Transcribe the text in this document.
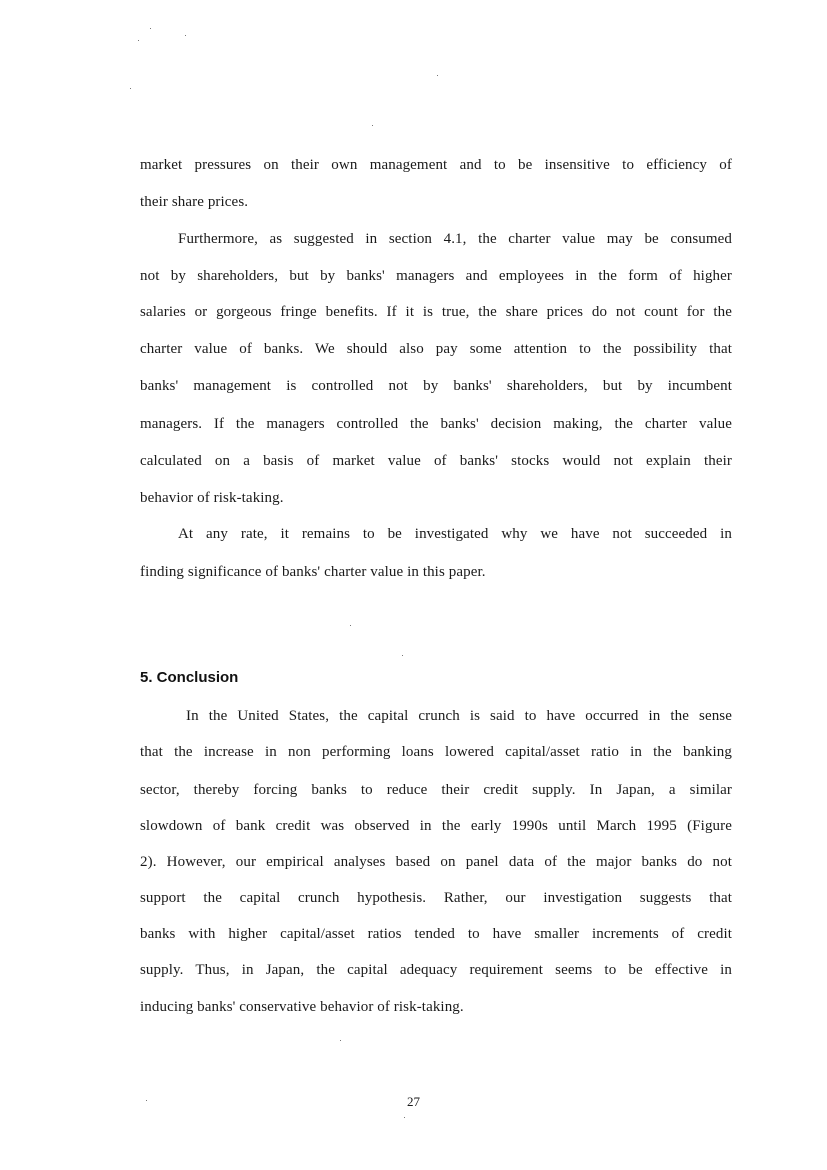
market pressures on their own management and to be insensitive to efficiency of
their share prices.
Furthermore, as suggested in section 4.1, the charter value may be consumed
not by shareholders, but by banks' managers and employees in the form of higher
salaries or gorgeous fringe benefits. If it is true, the share prices do not count for the
charter value of banks. We should also pay some attention to the possibility that
banks' management is controlled not by banks' shareholders, but by incumbent
managers. If the managers controlled the banks' decision making, the charter value
calculated on a basis of market value of banks' stocks would not explain their
behavior of risk-taking.
At any rate, it remains to be investigated why we have not succeeded in
finding significance of banks' charter value in this paper.
5. Conclusion
In the United States, the capital crunch is said to have occurred in the sense
that the increase in non performing loans lowered capital/asset ratio in the banking
sector, thereby forcing banks to reduce their credit supply. In Japan, a similar
slowdown of bank credit was observed in the early 1990s until March 1995 (Figure
2). However, our empirical analyses based on panel data of the major banks do not
support the capital crunch hypothesis. Rather, our investigation suggests that
banks with higher capital/asset ratios tended to have smaller increments of credit
supply. Thus, in Japan, the capital adequacy requirement seems to be effective in
inducing banks' conservative behavior of risk-taking.
27
